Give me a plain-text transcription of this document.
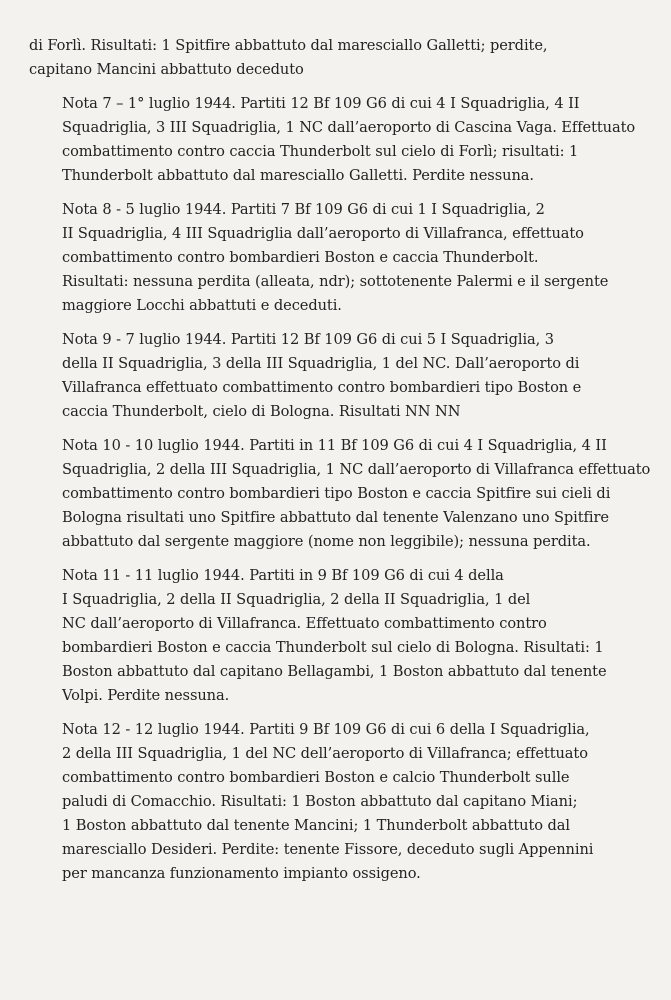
di Forlì. Risultati: 1 Spitfire abbattuto dal maresciallo Galletti; perdite,
capitano Mancini abbattuto deceduto

Nota 7 – 1° luglio 1944. Partiti 12 Bf 109 G6 di cui 4 I Squadriglia, 4 II
Squadriglia, 3 III Squadriglia, 1 NC dall’aeroporto di Cascina Vaga. Effettuato
combattimento contro caccia Thunderbolt sul cielo di Forlì; risultati: 1
Thunderbolt abbattuto dal maresciallo Galletti. Perdite nessuna.

Nota 8 - 5 luglio 1944. Partiti 7 Bf 109 G6 di cui 1 I Squadriglia, 2
II Squadriglia, 4 III Squadriglia dall’aeroporto di Villafranca, effettuato
combattimento contro bombardieri Boston e caccia Thunderbolt.
Risultati: nessuna perdita (alleata, ndr); sottotenente Palermi e il sergente
maggiore Locchi abbattuti e deceduti.

Nota 9 - 7 luglio 1944. Partiti 12 Bf 109 G6 di cui 5 I Squadriglia, 3
della II Squadriglia, 3 della III Squadriglia, 1 del NC. Dall’aeroporto di
Villafranca effettuato combattimento contro bombardieri tipo Boston e
caccia Thunderbolt, cielo di Bologna. Risultati NN NN

Nota 10 - 10 luglio 1944. Partiti in 11 Bf 109 G6 di cui 4 I Squadriglia, 4 II
Squadriglia, 2 della III Squadriglia, 1 NC dall’aeroporto di Villafranca effettuato
combattimento contro bombardieri tipo Boston e caccia Spitfire sui cieli di
Bologna risultati uno Spitfire abbattuto dal tenente Valenzano uno Spitfire
abbattuto dal sergente maggiore (nome non leggibile); nessuna perdita.

Nota 11 - 11 luglio 1944. Partiti in 9 Bf 109 G6 di cui 4 della
I Squadriglia, 2 della II Squadriglia, 2 della II Squadriglia, 1 del
NC dall’aeroporto di Villafranca. Effettuato combattimento contro
bombardieri Boston e caccia Thunderbolt sul cielo di Bologna. Risultati: 1
Boston abbattuto dal capitano Bellagambi, 1 Boston abbattuto dal tenente
Volpi. Perdite nessuna.

Nota 12 - 12 luglio 1944. Partiti 9 Bf 109 G6 di cui 6 della I Squadriglia,
2 della III Squadriglia, 1 del NC dell’aeroporto di Villafranca; effettuato
combattimento contro bombardieri Boston e calcio Thunderbolt sulle
paludi di Comacchio. Risultati: 1 Boston abbattuto dal capitano Miani;
1 Boston abbattuto dal tenente Mancini; 1 Thunderbolt abbattuto dal
maresciallo Desideri. Perdite: tenente Fissore, deceduto sugli Appennini
per mancanza funzionamento impianto ossigeno.
